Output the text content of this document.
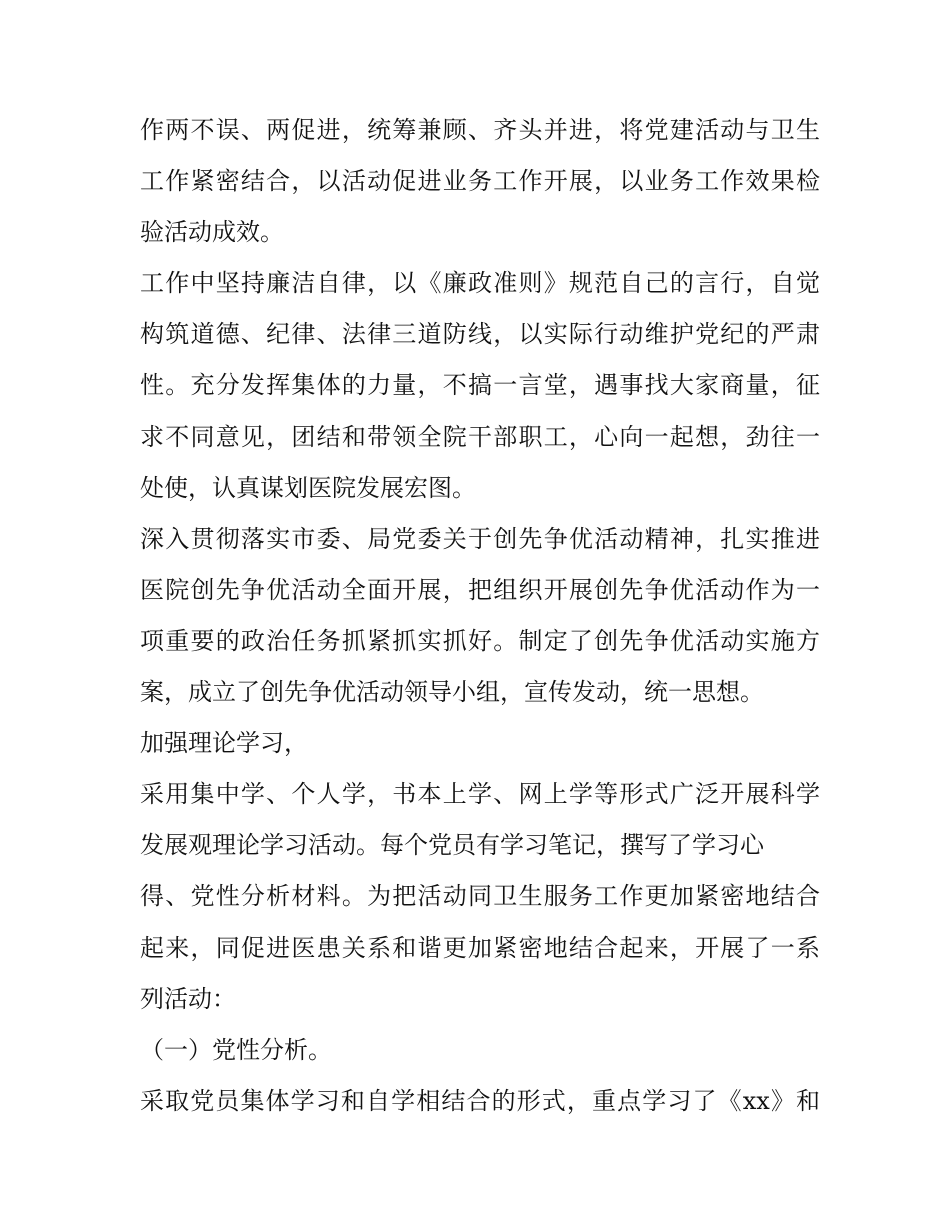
作两不误、两促进，统筹兼顾、齐头并进，将党建活动与卫生
工作紧密结合，以活动促进业务工作开展，以业务工作效果检
验活动成效。
工作中坚持廉洁自律，以《廉政准则》规范自己的言行，自觉
构筑道德、纪律、法律三道防线，以实际行动维护党纪的严肃
性。充分发挥集体的力量，不搞一言堂，遇事找大家商量，征
求不同意见，团结和带领全院干部职工，心向一起想，劲往一
处使，认真谋划医院发展宏图。
深入贯彻落实市委、局党委关于创先争优活动精神，扎实推进
医院创先争优活动全面开展，把组织开展创先争优活动作为一
项重要的政治任务抓紧抓实抓好。制定了创先争优活动实施方
案，成立了创先争优活动领导小组，宣传发动，统一思想。
加强理论学习，
采用集中学、个人学，书本上学、网上学等形式广泛开展科学
发展观理论学习活动。每个党员有学习笔记，撰写了学习心
得、党性分析材料。为把活动同卫生服务工作更加紧密地结合
起来，同促进医患关系和谐更加紧密地结合起来，开展了一系
列活动：
（一）党性分析。
采取党员集体学习和自学相结合的形式，重点学习了《xx》和
